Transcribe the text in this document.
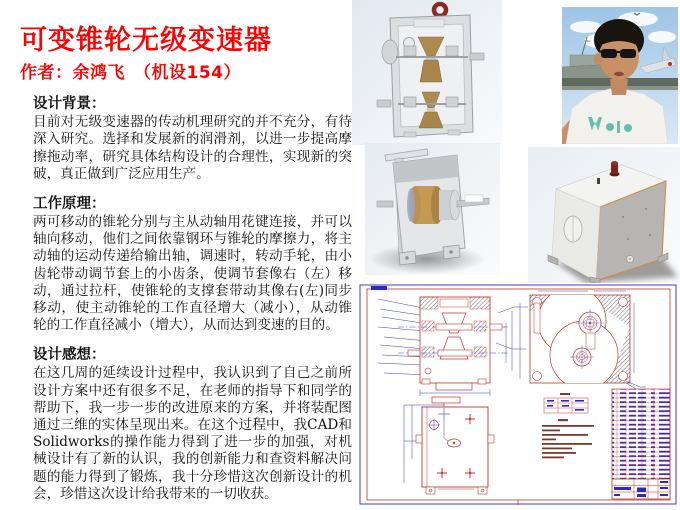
可变锥轮无级变速器
作者：余鸿飞　（机设154）
设计背景：

目前对无级变速器的传动机理研究的并不充分，有待深入研究。选择和发展新的润滑剂，以进一步提高摩擦拖动率，研究具体结构设计的合理性，实现新的突破，真正做到广泛应用生产。

工作原理：

两可移动的锥轮分别与主从动轴用花键连接，并可以轴向移动，他们之间依靠钢环与锥轮的摩擦力，将主动轴的运动传递给输出轴，调速时，转动手轮，由小齿轮带动调节套上的小齿条，使调节套像右（左）移动，通过拉杆，使锥轮的支撑套带动其像右(左)同步移动，使主动锥轮的工作直径增大（减小），从动锥轮的工作直径减小（增大），从而达到变速的目的。

设计感想：

在这几周的延续设计过程中，我认识到了自己之前所设计方案中还有很多不足，在老师的指导下和同学的帮助下，我一步一步的改进原来的方案，并将装配图通过三维的实体呈现出来。在这个过程中，我CAD和Solidworks的操作能力得到了进一步的加强，对机械设计有了新的认识，我的创新能力和查资料解决问题的能力得到了锻炼，我十分珍惜这次创新设计的机会，珍惜这次设计给我带来的一切收获。
